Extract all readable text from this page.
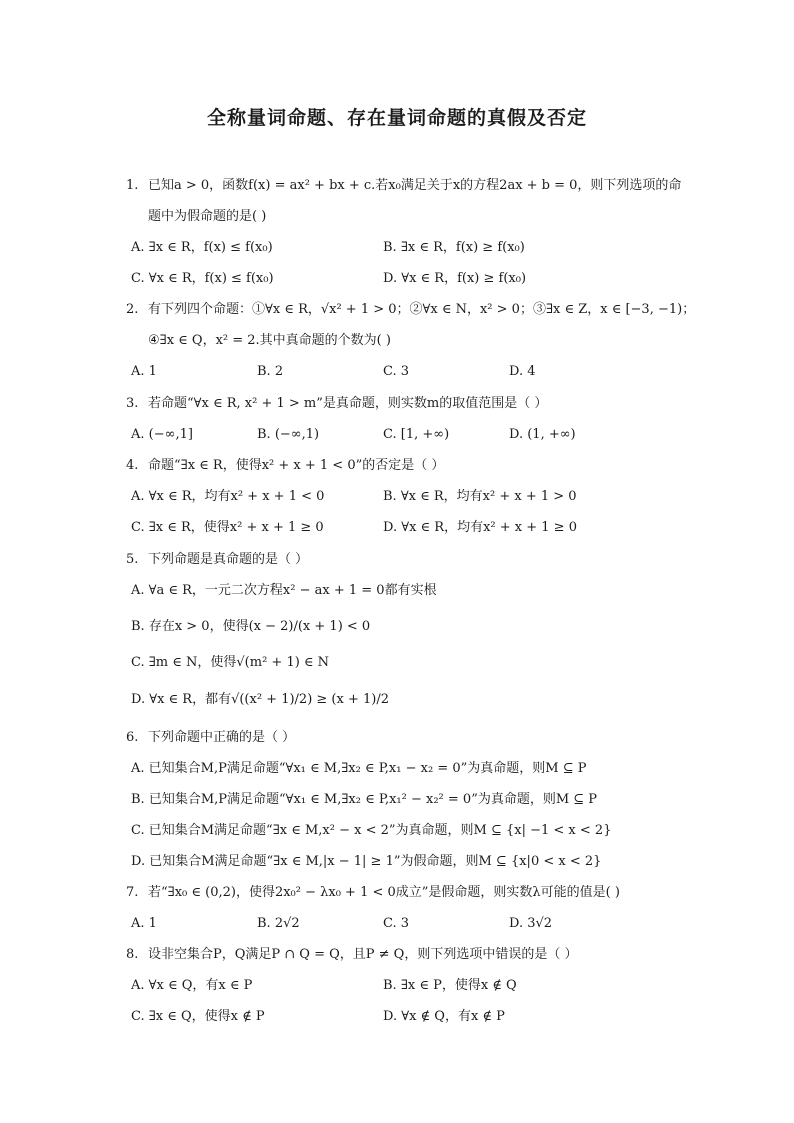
全称量词命题、存在量词命题的真假及否定
1. 已知a > 0，函数f(x) = ax² + bx + c.若x₀满足关于x的方程2ax + b = 0，则下列选项的命
题中为假命题的是( )
A. ∃x ∈ R，f(x) ≤ f(x₀)	B. ∃x ∈ R，f(x) ≥ f(x₀)
C. ∀x ∈ R，f(x) ≤ f(x₀)	D. ∀x ∈ R，f(x) ≥ f(x₀)
2. 有下列四个命题：①∀x ∈ R，√x² + 1 > 0；②∀x ∈ N，x² > 0；③∃x ∈ Z，x ∈ [−3, −1)；
④∃x ∈ Q，x² = 2.其中真命题的个数为( )
A. 1	B. 2	C. 3	D. 4
3. 若命题“∀x ∈ R, x² + 1 > m”是真命题，则实数m的取值范围是（ ）
A. (−∞,1]	B. (−∞,1)	C. [1, +∞)	D. (1, +∞)
4. 命题“∃x ∈ R，使得x² + x + 1 < 0”的否定是（ ）
A. ∀x ∈ R，均有x² + x + 1 < 0	B. ∀x ∈ R，均有x² + x + 1 > 0
C. ∃x ∈ R，使得x² + x + 1 ≥ 0	D. ∀x ∈ R，均有x² + x + 1 ≥ 0
5. 下列命题是真命题的是（ ）
A. ∀a ∈ R，一元二次方程x² − ax + 1 = 0都有实根
B. 存在x > 0，使得(x − 2)/(x + 1) < 0
C. ∃m ∈ N，使得√(m² + 1) ∈ N
D. ∀x ∈ R，都有√((x² + 1)/2) ≥ (x + 1)/2
6. 下列命题中正确的是（ ）
A. 已知集合M,P满足命题“∀x₁ ∈ M,∃x₂ ∈ P,x₁ − x₂ = 0”为真命题，则M ⊆ P
B. 已知集合M,P满足命题“∀x₁ ∈ M,∃x₂ ∈ P,x₁² − x₂² = 0”为真命题，则M ⊆ P
C. 已知集合M满足命题“∃x ∈ M,x² − x < 2”为真命题，则M ⊆ {x| −1 < x < 2}
D. 已知集合M满足命题“∃x ∈ M,|x − 1| ≥ 1”为假命题，则M ⊆ {x|0 < x < 2}
7. 若“∃x₀ ∈ (0,2)，使得2x₀² − λx₀ + 1 < 0成立”是假命题，则实数λ可能的值是( )
A. 1	B. 2√2	C. 3	D. 3√2
8. 设非空集合P，Q满足P ∩ Q = Q，且P ≠ Q，则下列选项中错误的是（ ）
A. ∀x ∈ Q，有x ∈ P	B. ∃x ∈ P，使得x ∉ Q
C. ∃x ∈ Q，使得x ∉ P	D. ∀x ∉ Q，有x ∉ P
